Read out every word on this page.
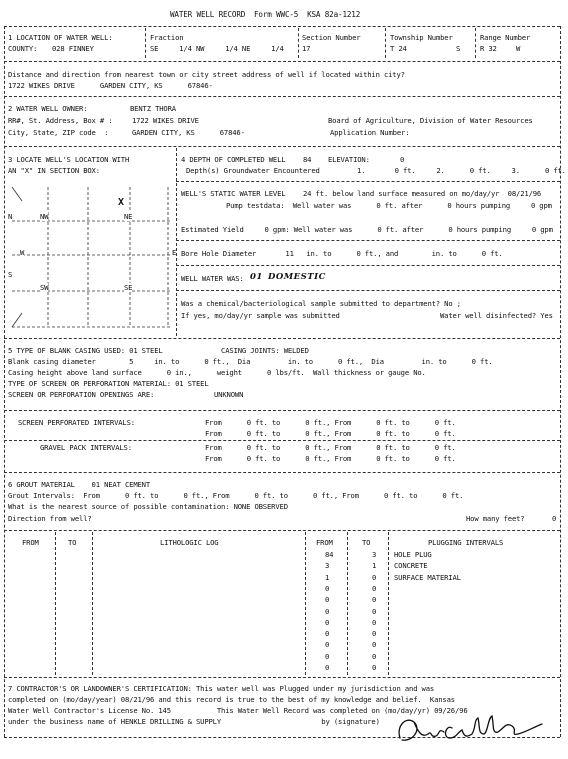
WATER WELL RECORD  Form WWC-5  KSA 82a-1212
1 LOCATION OF WATER WELL:	Fraction	Section Number	Township Number	Range Number
COUNTY: 028 FINNEY	SE     1/4 NW     1/4 NE     1/4	17	T 24	S	R 32	W
Distance and direction from nearest town or city street address of well if located within city?
1722 WIKES DRIVE      GARDEN CITY, KS      67846-
2 WATER WELL OWNER:	BENTZ THORA
RR#, St. Address, Box # :	1722 WIKES DRIVE	Board of Agriculture, Division of Water Resources
City, State, ZIP code  :	GARDEN CITY, KS      67846-	Application Number:
3 LOCATE WELL'S LOCATION WITH
AN "X" IN SECTION BOX:
NW	NE
SW	SE
X
N
W	E
S
4 DEPTH OF COMPLETED WELL 84 ELEVATION:	0
Depth(s) Groundwater Encountered	1.       0 ft.     2.      0 ft.     3.      0 ft.
WELL'S STATIC WATER LEVEL 24 ft. below land surface measured on mo/day/yr  08/21/96
Pump testdata:  Well water was      0 ft. after      0 hours pumping     0 gpm
Estimated Yield     0 gpm: Well water was      0 ft. after      0 hours pumping     0 gpm
Bore Hole Diameter       11   in. to      0 ft., and        in. to      0 ft.
WELL WATER WAS: 01 DOMESTIC
Was a chemical/bacteriological sample submitted to department? No ;
If yes, mo/day/yr sample was submitted	Water well disinfected? Yes
5 TYPE OF BLANK CASING USED: 01 STEEL              CASING JOINTS: WELDED
Blank casing diameter        5     in. to      0 ft.,  Dia         in. to      0 ft.,  Dia         in. to      0 ft.
Casing height above land surface      0 in.,      weight      0 lbs/ft.  Wall thickness or gauge No.
TYPE OF SCREEN OR PERFORATION MATERIAL: 01 STEEL
SCREEN OR PERFORATION OPENINGS ARE:	UNKNOWN
SCREEN PERFORATED INTERVALS:	From      0 ft. to      0 ft., From      0 ft. to      0 ft.
From      0 ft. to      0 ft., From      0 ft. to      0 ft.
GRAVEL PACK INTERVALS:	From      0 ft. to      0 ft., From      0 ft. to      0 ft.
From      0 ft. to      0 ft., From      0 ft. to      0 ft.
6 GROUT MATERIAL    01 NEAT CEMENT
Grout Intervals:  From      0 ft. to      0 ft., From      0 ft. to      0 ft., From      0 ft. to      0 ft.
What is the nearest source of possible contamination: NONE OBSERVED
Direction from well?	How many feet?	0
FROM	TO	LITHOLOGIC LOG	FROM	TO	PLUGGING INTERVALS
84	3 HOLE PLUG
3	1 CONCRETE
1	0 SURFACE MATERIAL
0	0
0	0
0	0
0	0
0	0
0	0
0	0
0	0
7 CONTRACTOR'S OR LANDOWNER'S CERTIFICATION: This water well was Plugged under my jurisdiction and was
completed on (mo/day/year) 08/21/96 and this record is true to the best of my knowledge and belief.  Kansas
Water Well Contractor's License No. 145           This Water Well Record was completed on (mo/day/yr) 09/26/96
under the business name of HENKLE DRILLING & SUPPLY                        by (signature)
